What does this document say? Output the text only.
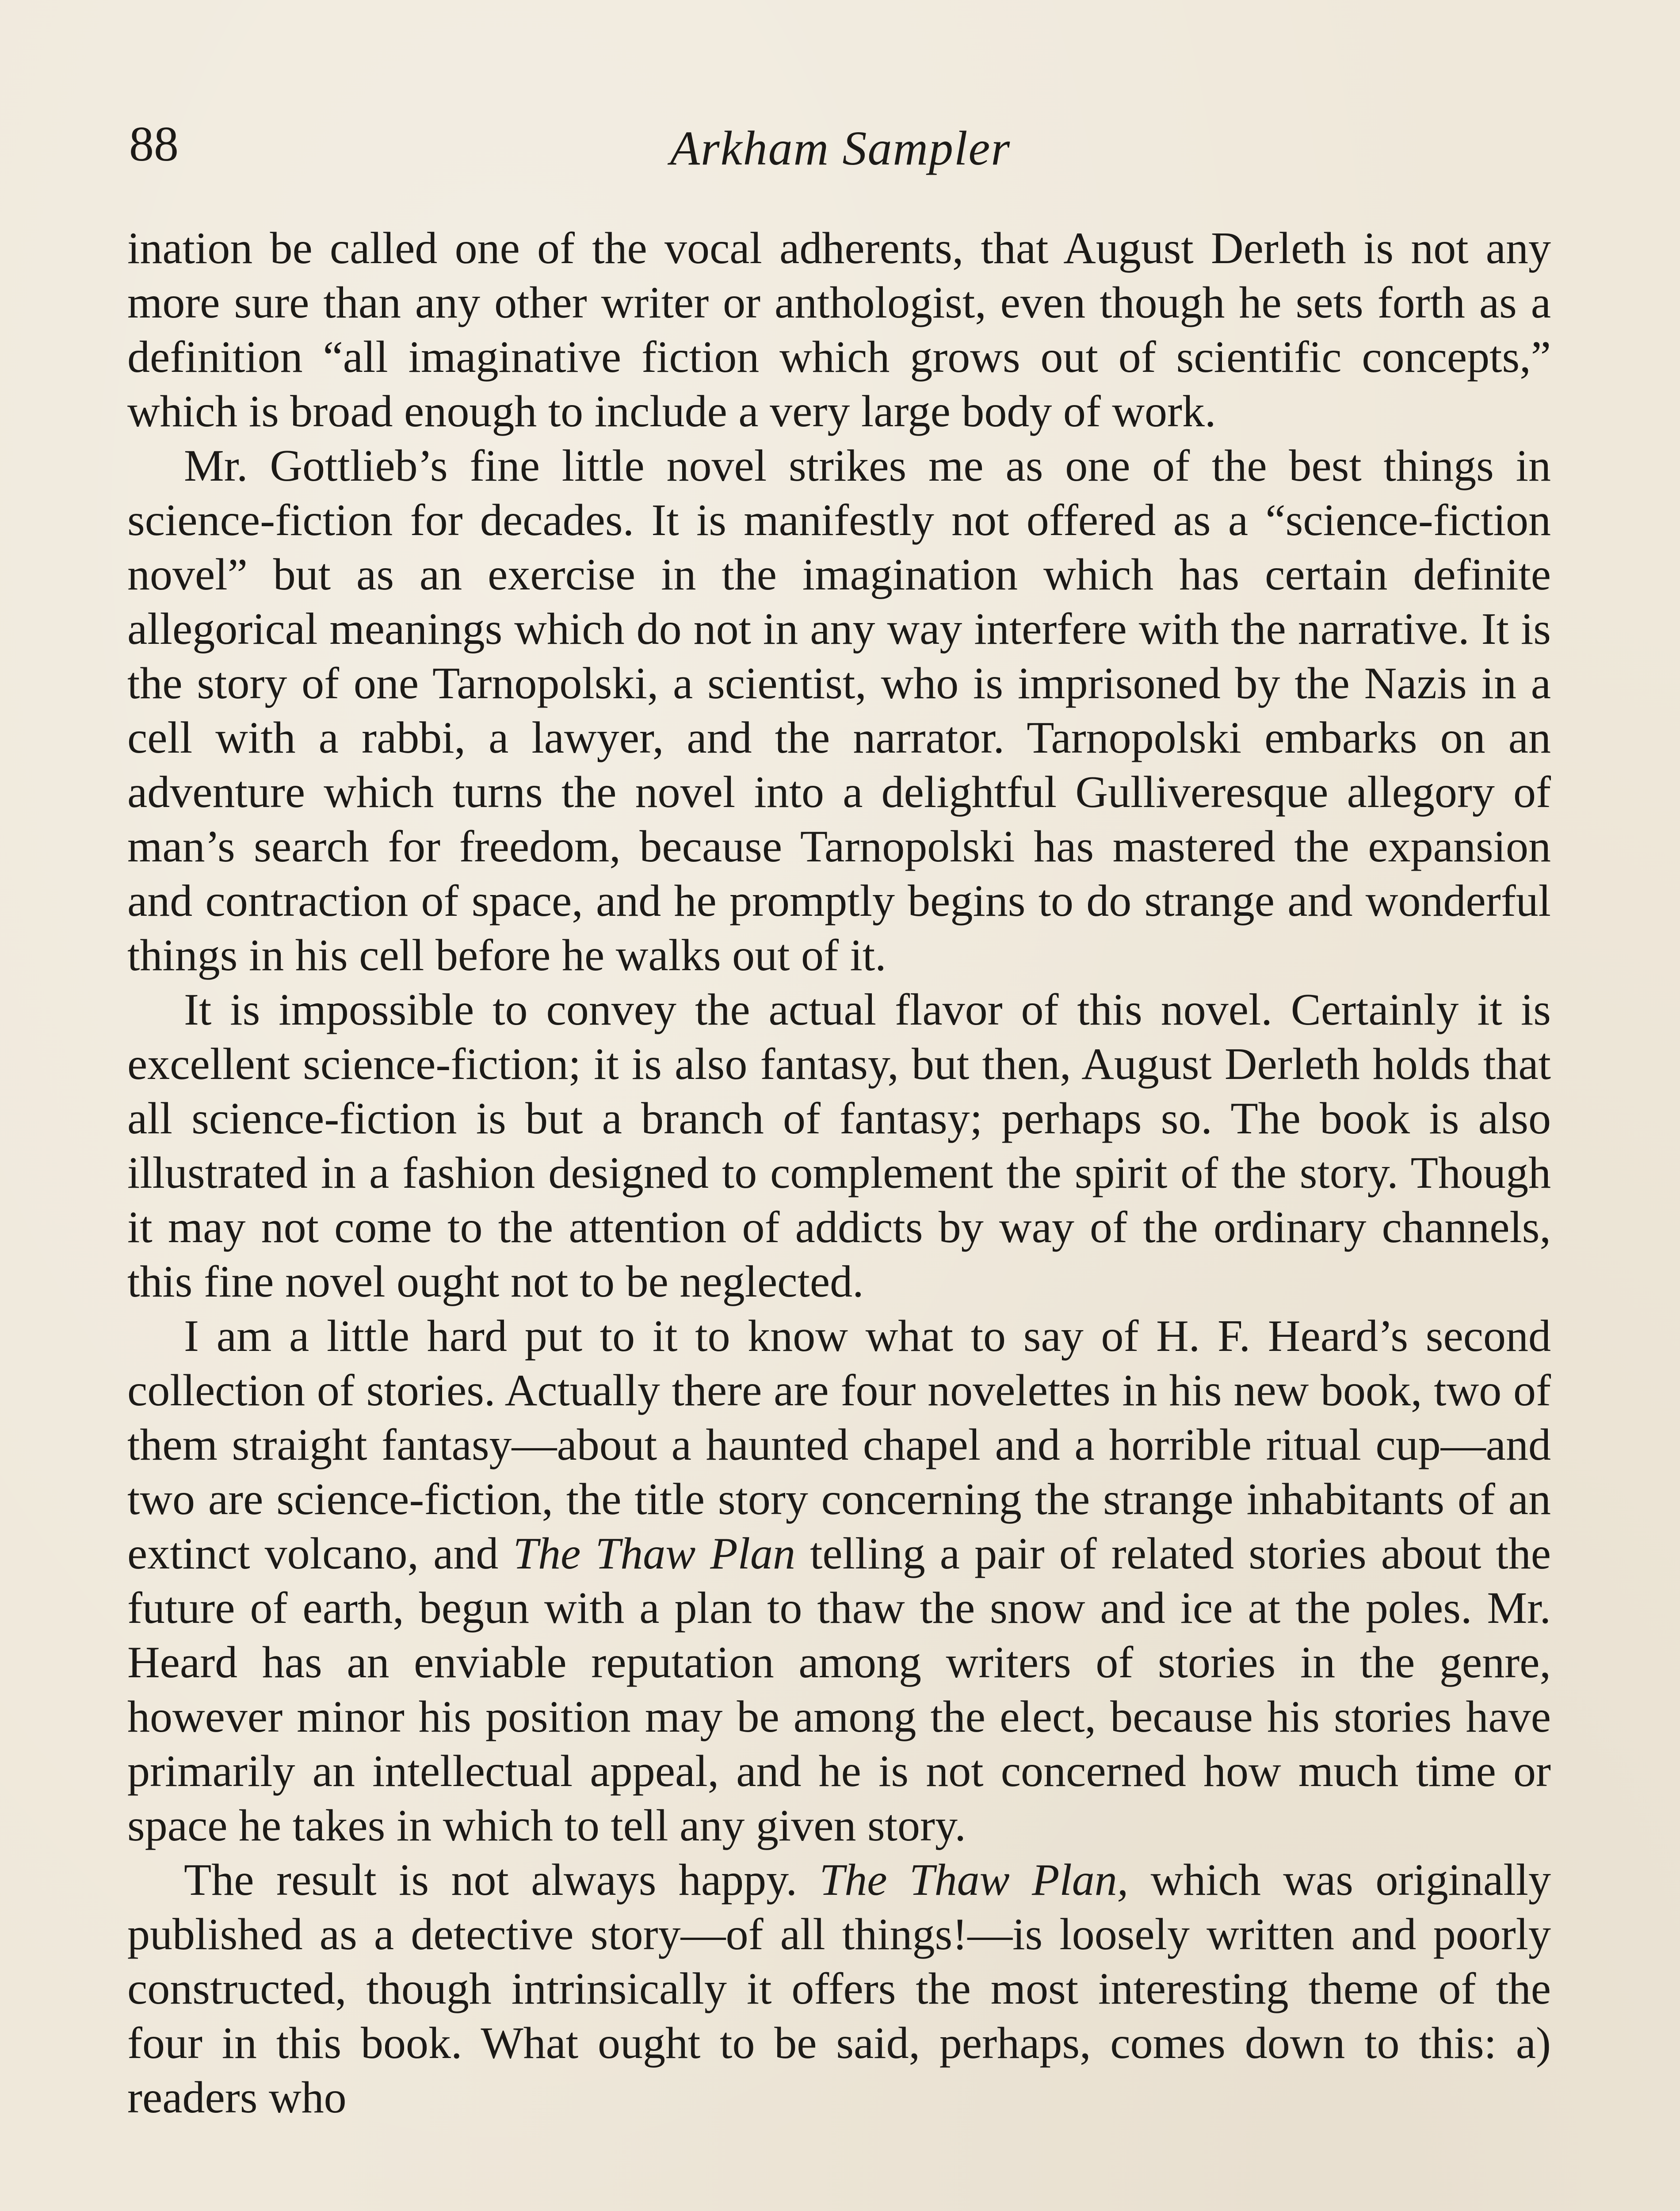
88	Arkham Sampler

ination be called one of the vocal adherents, that August Derleth is not any more sure than any other writer or anthologist, even though he sets forth as a definition “all imaginative fiction which grows out of scientific concepts,” which is broad enough to include a very large body of work.

Mr. Gottlieb’s fine little novel strikes me as one of the best things in science-fiction for decades. It is manifestly not offered as a “science-fiction novel” but as an exercise in the imagination which has certain definite allegorical meanings which do not in any way interfere with the narrative. It is the story of one Tarnopolski, a scientist, who is imprisoned by the Nazis in a cell with a rabbi, a lawyer, and the narrator. Tarnopolski embarks on an adventure which turns the novel into a delightful Gulliveresque allegory of man’s search for freedom, because Tarnopolski has mastered the expansion and contraction of space, and he promptly begins to do strange and wonderful things in his cell before he walks out of it.

It is impossible to convey the actual flavor of this novel. Certainly it is excellent science-fiction; it is also fantasy, but then, August Derleth holds that all science-fiction is but a branch of fantasy; perhaps so. The book is also illustrated in a fashion designed to complement the spirit of the story. Though it may not come to the attention of addicts by way of the ordinary channels, this fine novel ought not to be neglected.

I am a little hard put to it to know what to say of H. F. Heard’s second collection of stories. Actually there are four novelettes in his new book, two of them straight fantasy—about a haunted chapel and a horrible ritual cup—and two are science-fiction, the title story concerning the strange inhabitants of an extinct volcano, and The Thaw Plan telling a pair of related stories about the future of earth, begun with a plan to thaw the snow and ice at the poles. Mr. Heard has an enviable reputation among writers of stories in the genre, however minor his position may be among the elect, because his stories have primarily an intellectual appeal, and he is not concerned how much time or space he takes in which to tell any given story.

The result is not always happy. The Thaw Plan, which was originally published as a detective story—of all things!—is loosely written and poorly constructed, though intrinsically it offers the most interesting theme of the four in this book. What ought to be said, perhaps, comes down to this: a) readers who
